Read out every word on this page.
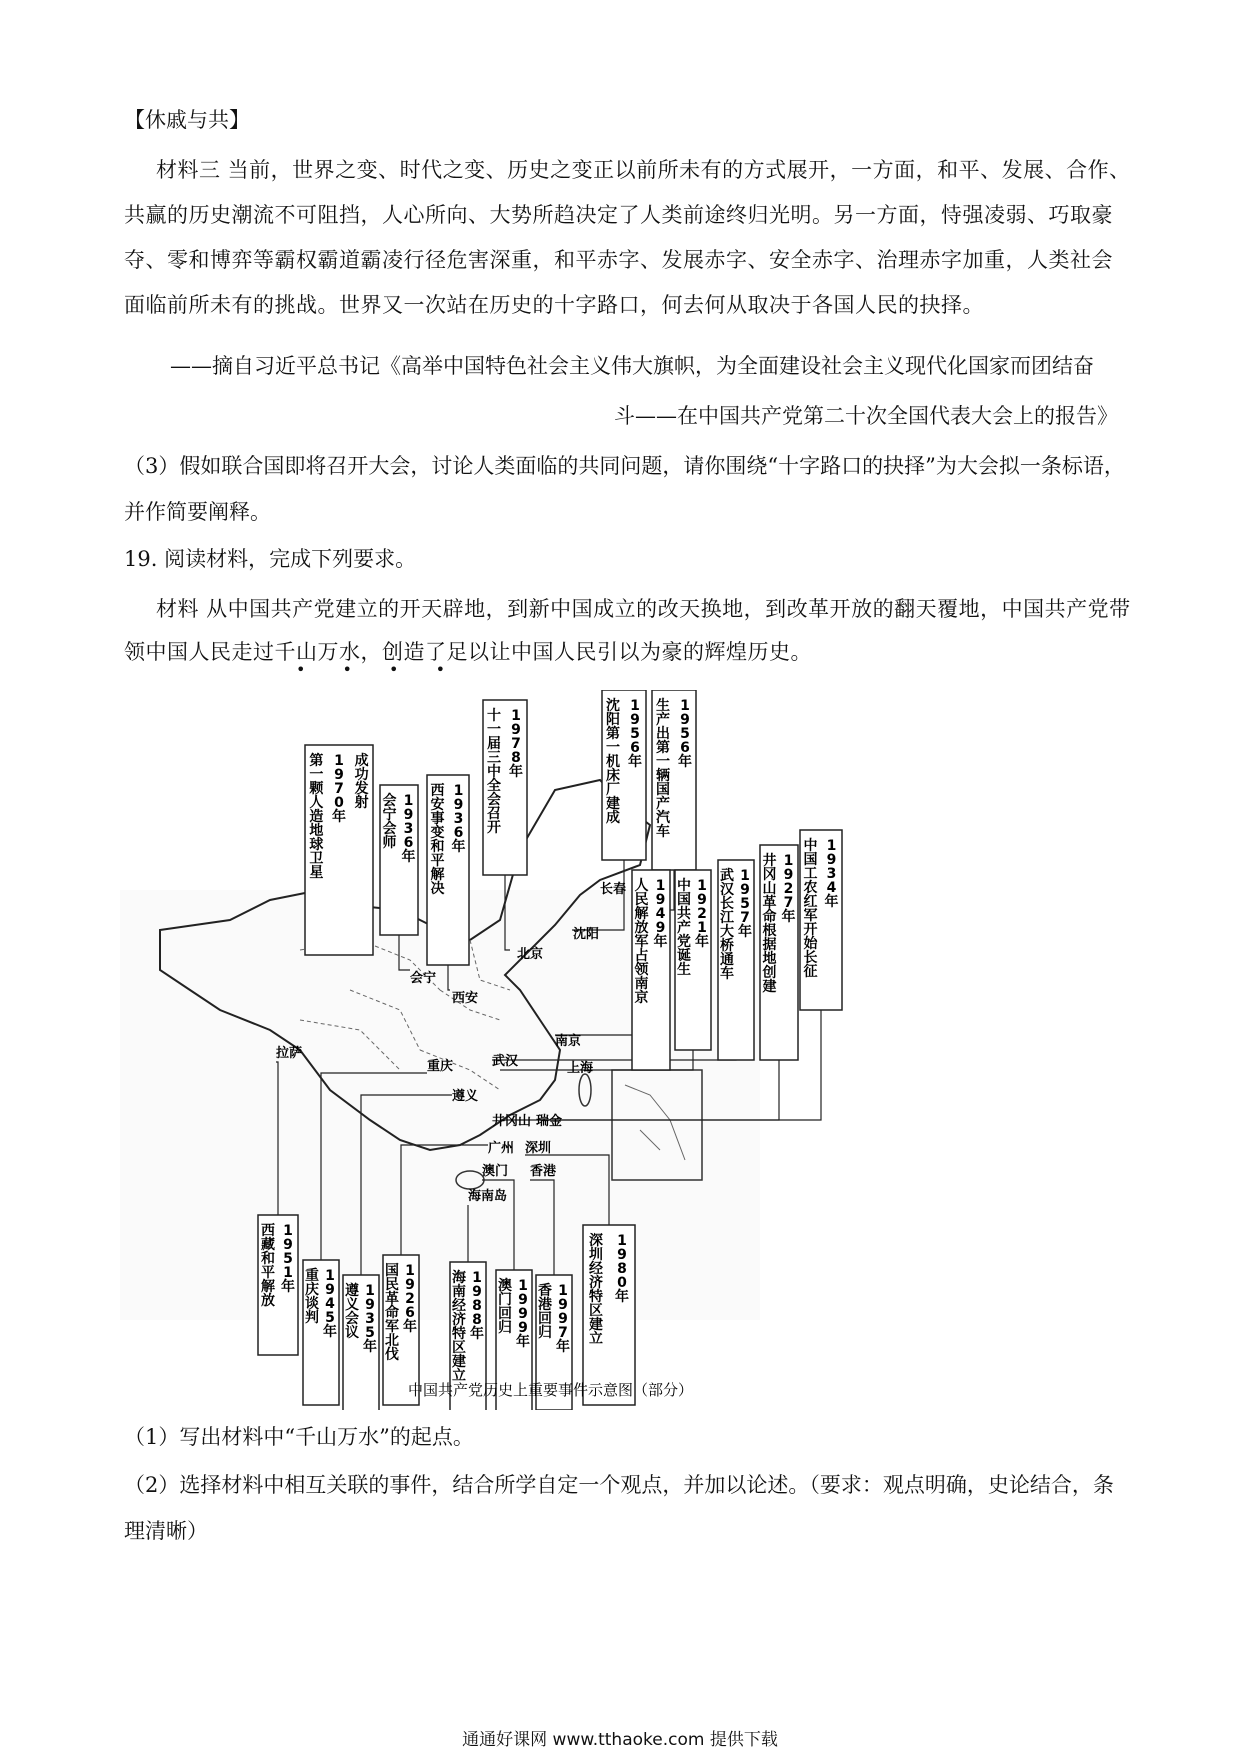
【休戚与共】
材料三 当前，世界之变、时代之变、历史之变正以前所未有的方式展开，一方面，和平、发展、合作、共赢的历史潮流不可阻挡，人心所向、大势所趋决定了人类前途终归光明。另一方面，恃强凌弱、巧取豪夺、零和博弈等霸权霸道霸凌行径危害深重，和平赤字、发展赤字、安全赤字、治理赤字加重，人类社会面临前所未有的挑战。世界又一次站在历史的十字路口，何去何从取决于各国人民的抉择。
——摘自习近平总书记《高举中国特色社会主义伟大旗帜，为全面建设社会主义现代化国家而团结奋
斗——在中国共产党第二十次全国代表大会上的报告》
（3）假如联合国即将召开大会，讨论人类面临的共同问题，请你围绕“十字路口的抉择”为大会拟一条标语，并作简要阐释。
19. 阅读材料，完成下列要求。
材料 从中国共产党建立的开天辟地，到新中国成立的改天换地，到改革开放的翻天覆地，中国共产党带领中国人民走过千山万水，创造了足以让中国人民引以为豪的辉煌历史。
• • • •
会宁
西安
北京
沈阳
长春
拉萨
重庆	武汉
南京
上海
遵义
井冈山 瑞金
广州 深圳
澳门 香港
海南岛
第一颗人造地球卫星
1 9 7 0 年
成功发射 会宁会师
1 9 3 6 年
西安事变和平解决
1 9 3 6 年
十一届三中全会召开
1 9 7 8 年
沈阳第一机床厂建成
1 9 5 6 年
生产出第一辆国产汽车
1 9 5 6 年
人民解放军占领南京
1 9 4 9 年
中国共产党诞生
1 9 2 1 年
武汉长江大桥通车
1 9 5 7 年
井冈山革命根据地创建
1 9 2 7 年
中国工农红军开始长征
1 9 3 4 年
西藏和平解放
1 9 5 1 年
重庆谈判
1 9 4 5 年
遵义会议
1 9 3 5 年
国民革命军北伐
1 9 2 6 年
海南经济特区建立
1 9 8 8 年
澳门回归
1 9 9 9 年
香港回归
1 9 9 7 年
深圳经济特区建立
1 9 8 0 年
中国共产党历史上重要事件示意图（部分）
（1）写出材料中“千山万水”的起点。
（2）选择材料中相互关联的事件，结合所学自定一个观点，并加以论述。（要求：观点明确，史论结合，条理清晰）
通通好课网 www.tthaoke.com 提供下载
